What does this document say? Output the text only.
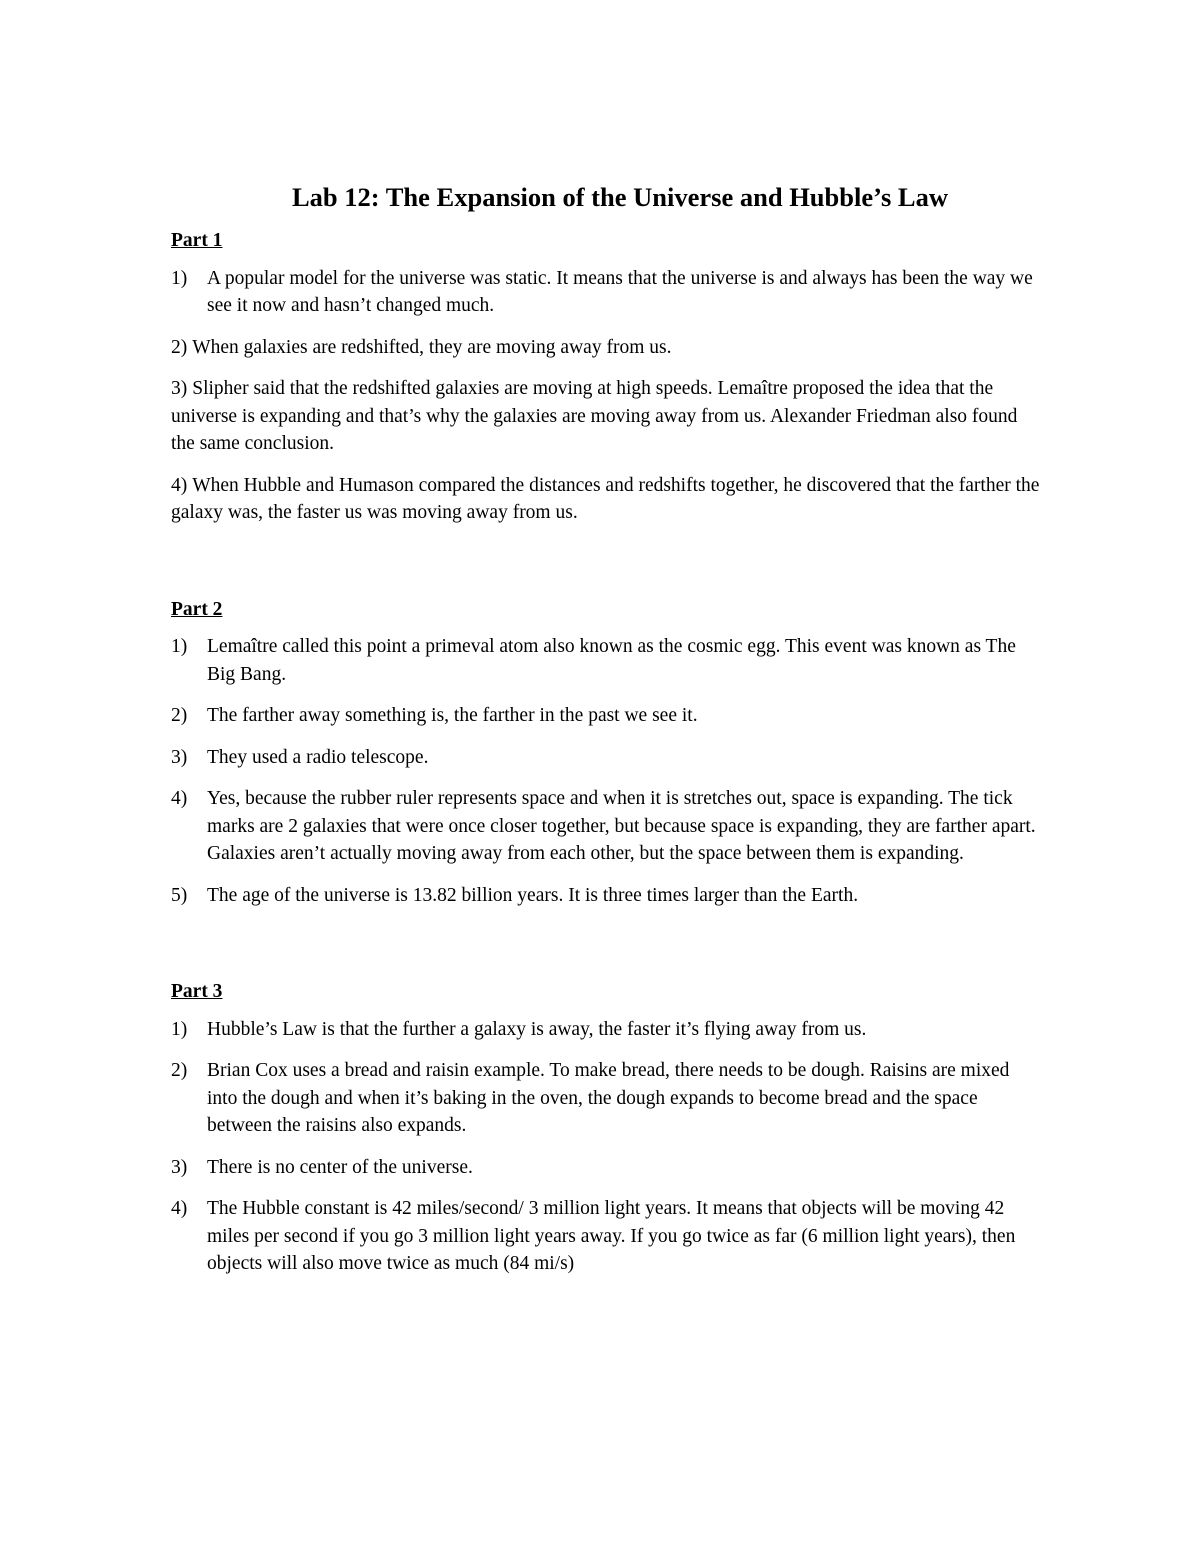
Lab 12: The Expansion of the Universe and Hubble’s Law
Part 1
1) A popular model for the universe was static. It means that the universe is and always has been the way we see it now and hasn’t changed much.
2) When galaxies are redshifted, they are moving away from us.
3) Slipher said that the redshifted galaxies are moving at high speeds. Lemaître proposed the idea that the universe is expanding and that’s why the galaxies are moving away from us. Alexander Friedman also found the same conclusion.
4) When Hubble and Humason compared the distances and redshifts together, he discovered that the farther the galaxy was, the faster us was moving away from us.
Part 2
1) Lemaître called this point a primeval atom also known as the cosmic egg. This event was known as The Big Bang.
2) The farther away something is, the farther in the past we see it.
3) They used a radio telescope.
4) Yes, because the rubber ruler represents space and when it is stretches out, space is expanding. The tick marks are 2 galaxies that were once closer together, but because space is expanding, they are farther apart. Galaxies aren’t actually moving away from each other, but the space between them is expanding.
5) The age of the universe is 13.82 billion years. It is three times larger than the Earth.
Part 3
1) Hubble’s Law is that the further a galaxy is away, the faster it’s flying away from us.
2) Brian Cox uses a bread and raisin example. To make bread, there needs to be dough. Raisins are mixed into the dough and when it’s baking in the oven, the dough expands to become bread and the space between the raisins also expands.
3) There is no center of the universe.
4) The Hubble constant is 42 miles/second/ 3 million light years. It means that objects will be moving 42 miles per second if you go 3 million light years away. If you go twice as far (6 million light years), then objects will also move twice as much (84 mi/s)
